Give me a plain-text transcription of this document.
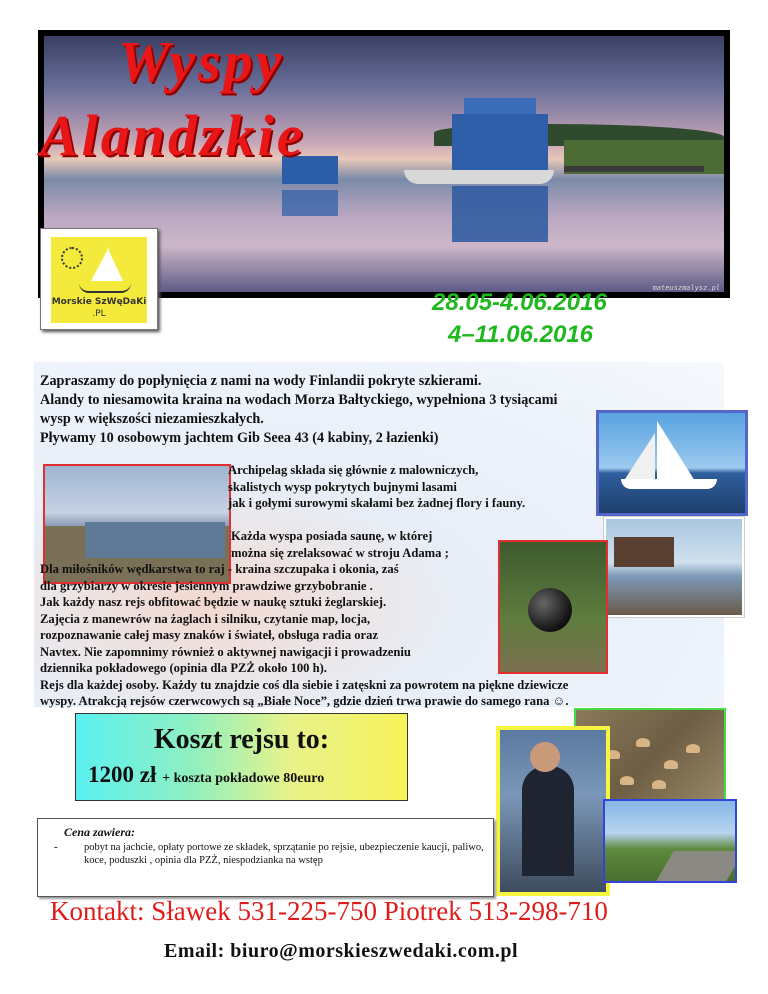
mateuszmalysz.pl
Wyspy
Alandzkie
Morskie SzWęDaKi
.PL	28.05-4.06.2016
4–11.06.2016
Zapraszamy do popłynięcia z nami na wody Finlandii pokryte szkierami.
Alandy to niesamowita kraina na wodach Morza Bałtyckiego, wypełniona 3 tysiącami
wysp w większości niezamieszkałych.
Pływamy 10 osobowym jachtem Gib Seea 43 (4 kabiny, 2 łazienki)
Archipelag składa się głównie z malowniczych,
skalistych wysp pokrytych bujnymi lasami
jak i gołymi surowymi skałami bez żadnej flory i fauny.
Każda wyspa posiada saunę, w której
można się zrelaksować w stroju Adama ;
Dla miłośników wędkarstwa to raj - kraina szczupaka i okonia, zaś
dla grzybiarzy w okresie jesiennym prawdziwe grzybobranie .
Jak każdy nasz rejs obfitować będzie w naukę sztuki żeglarskiej.
Zajęcia z manewrów na żaglach i silniku, czytanie map, locja,
rozpoznawanie całej masy znaków i świateł, obsługa radia oraz
Navtex. Nie zapomnimy również o aktywnej nawigacji i prowadzeniu
dziennika pokładowego (opinia dla PZŻ około 100 h).
Rejs dla każdej osoby. Każdy tu znajdzie coś dla siebie i zatęskni za powrotem na piękne dziewicze
wyspy. Atrakcją rejsów czerwcowych są „Białe Noce”, gdzie dzień trwa prawie do samego rana ☺.
Koszt rejsu to:
1200 zł + koszta pokładowe 80euro
Cena zawiera:
-	pobyt na jachcie, opłaty portowe ze składek, sprzątanie po rejsie, ubezpieczenie kaucji, paliwo, koce, poduszki , opinia dla PZŻ, niespodzianka na wstęp
Kontakt: Sławek 531-225-750 Piotrek 513-298-710
Email: biuro@morskieszwedaki.com.pl
